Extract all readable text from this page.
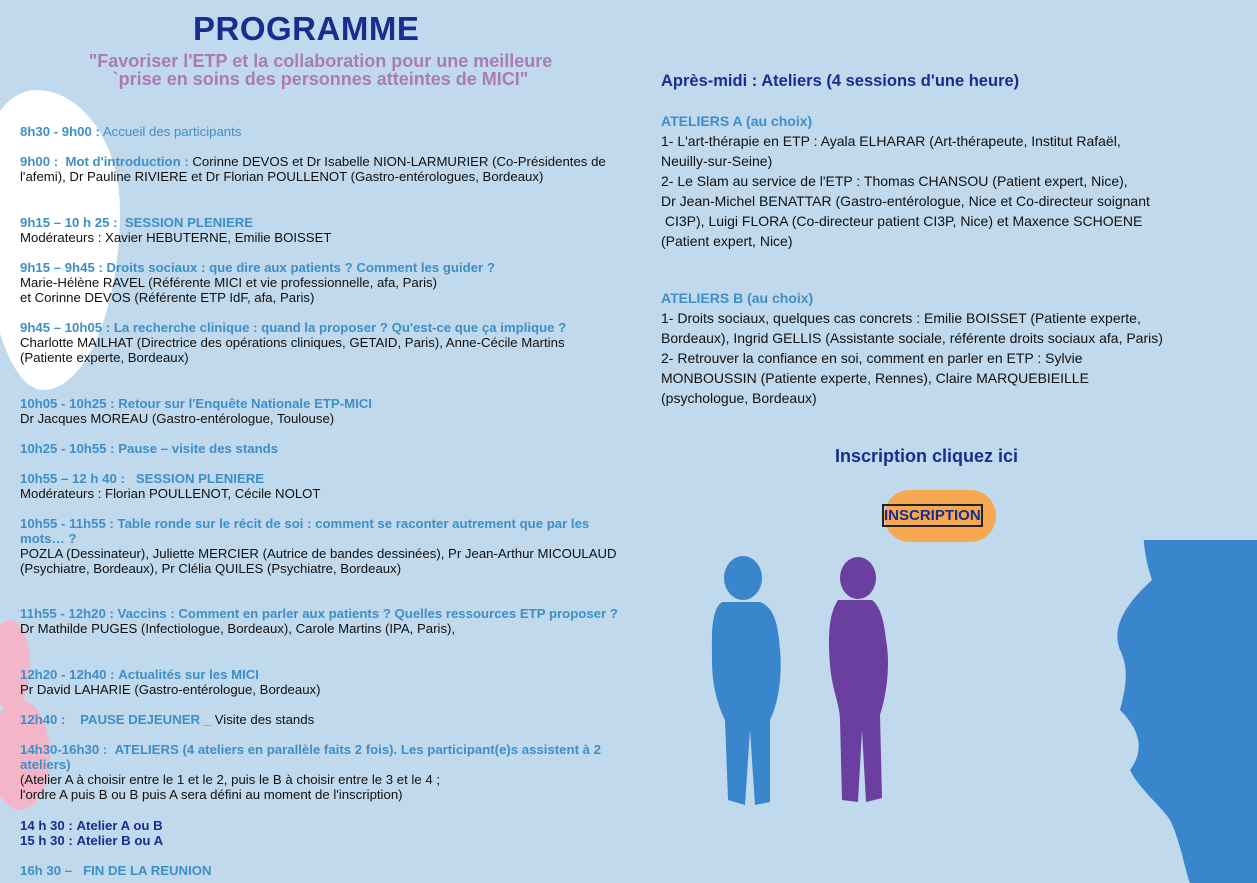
PROGRAMME
"Favoriser l'ETP et la collaboration pour une meilleure
`prise en soins des personnes atteintes de MICI"
8h30 - 9h00 : Accueil des participants
9h00 : Mot d'introduction : Corinne DEVOS et Dr Isabelle NION-LARMURIER (Co-Présidentes de l'afemi), Dr Pauline RIVIERE et Dr Florian POULLENOT (Gastro-entérologues, Bordeaux)
9h15 – 10 h 25 : SESSION PLENIERE
Modérateurs : Xavier HEBUTERNE, Emilie BOISSET
9h15 – 9h45 : Droits sociaux : que dire aux patients ? Comment les guider ?
Marie-Hélène RAVEL (Référente MICI et vie professionnelle, afa, Paris)
et Corinne DEVOS (Référente ETP IdF, afa, Paris)
9h45 – 10h05 : La recherche clinique : quand la proposer ? Qu'est-ce que ça implique ?
Charlotte MAILHAT (Directrice des opérations cliniques, GETAID, Paris), Anne-Cécile Martins (Patiente experte, Bordeaux)
10h05 - 10h25 : Retour sur l'Enquête Nationale ETP-MICI
Dr Jacques MOREAU (Gastro-entérologue, Toulouse)
10h25 - 10h55 : Pause – visite des stands
10h55 – 12 h 40 : SESSION PLENIERE
Modérateurs : Florian POULLENOT, Cécile NOLOT
10h55 - 11h55 : Table ronde sur le récit de soi : comment se raconter autrement que par les mots… ?
POZLA (Dessinateur), Juliette MERCIER (Autrice de bandes dessinées), Pr Jean-Arthur MICOULAUD (Psychiatre, Bordeaux), Pr Clélia QUILES (Psychiatre, Bordeaux)
11h55 - 12h20 : Vaccins : Comment en parler aux patients ? Quelles ressources ETP proposer ?
Dr Mathilde PUGES (Infectiologue, Bordeaux), Carole Martins (IPA, Paris),
12h20 - 12h40 : Actualités sur les MICI
Pr David LAHARIE (Gastro-entérologue, Bordeaux)
12h40 : PAUSE DEJEUNER _ Visite des stands
14h30-16h30 : ATELIERS (4 ateliers en parallèle faits 2 fois). Les participant(e)s assistent à 2 ateliers)
(Atelier A à choisir entre le 1 et le 2, puis le B à choisir entre le 3 et le 4 ;
l'ordre A puis B ou B puis A sera défini au moment de l'inscription)
14 h 30 : Atelier A ou B
15 h 30 : Atelier B ou A
16h 30 – FIN DE LA REUNION
Après-midi : Ateliers (4 sessions d'une heure)
ATELIERS A (au choix)
1- L'art-thérapie en ETP : Ayala ELHARAR (Art-thérapeute, Institut Rafaël,
Neuilly-sur-Seine)
2- Le Slam au service de l'ETP : Thomas CHANSOU (Patient expert, Nice),
Dr Jean-Michel BENATTAR (Gastro-entérologue, Nice et Co-directeur soignant
CI3P), Luigi FLORA (Co-directeur patient CI3P, Nice) et Maxence SCHOENE
(Patient expert, Nice)
ATELIERS B (au choix)
1- Droits sociaux, quelques cas concrets : Emilie BOISSET (Patiente experte,
Bordeaux), Ingrid GELLIS (Assistante sociale, référente droits sociaux afa, Paris)
2- Retrouver la confiance en soi, comment en parler en ETP : Sylvie
MONBOUSSIN (Patiente experte, Rennes), Claire MARQUEBIEILLE
(psychologue, Bordeaux)
Inscription cliquez ici
INSCRIPTION
